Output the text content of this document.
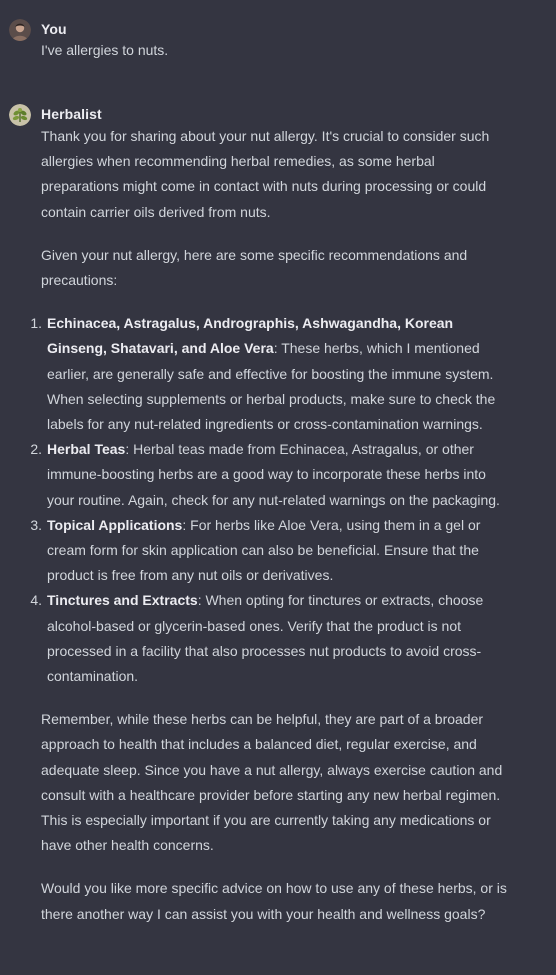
You

I've allergies to nuts.

Herbalist

Thank you for sharing about your nut allergy. It's crucial to consider such allergies when recommending herbal remedies, as some herbal preparations might come in contact with nuts during processing or could contain carrier oils derived from nuts.

Given your nut allergy, here are some specific recommendations and precautions:

1. Echinacea, Astragalus, Andrographis, Ashwagandha, Korean Ginseng, Shatavari, and Aloe Vera: These herbs, which I mentioned earlier, are generally safe and effective for boosting the immune system. When selecting supplements or herbal products, make sure to check the labels for any nut-related ingredients or cross-contamination warnings.
2. Herbal Teas: Herbal teas made from Echinacea, Astragalus, or other immune-boosting herbs are a good way to incorporate these herbs into your routine. Again, check for any nut-related warnings on the packaging.
3. Topical Applications: For herbs like Aloe Vera, using them in a gel or cream form for skin application can also be beneficial. Ensure that the product is free from any nut oils or derivatives.
4. Tinctures and Extracts: When opting for tinctures or extracts, choose alcohol-based or glycerin-based ones. Verify that the product is not processed in a facility that also processes nut products to avoid cross-contamination.

Remember, while these herbs can be helpful, they are part of a broader approach to health that includes a balanced diet, regular exercise, and adequate sleep. Since you have a nut allergy, always exercise caution and consult with a healthcare provider before starting any new herbal regimen. This is especially important if you are currently taking any medications or have other health concerns.

Would you like more specific advice on how to use any of these herbs, or is there another way I can assist you with your health and wellness goals?
